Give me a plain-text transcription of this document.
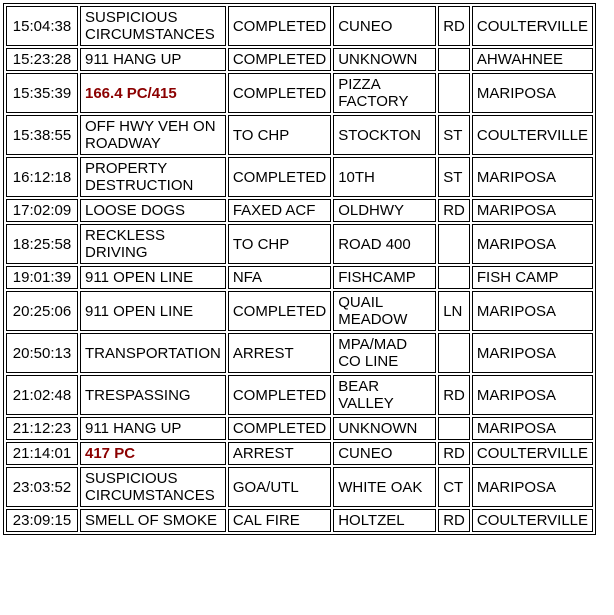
15:04:38	SUSPICIOUS CIRCUMSTANCES	COMPLETED	CUNEO	RD	COULTERVILLE
15:23:28	911 HANG UP	COMPLETED	UNKNOWN		AHWAHNEE
15:35:39	166.4 PC/415	COMPLETED	PIZZA FACTORY		MARIPOSA
15:38:55	OFF HWY VEH ON ROADWAY	TO CHP	STOCKTON	ST	COULTERVILLE
16:12:18	PROPERTY DESTRUCTION	COMPLETED	10TH	ST	MARIPOSA
17:02:09	LOOSE DOGS	FAXED ACF	OLDHWY	RD	MARIPOSA
18:25:58	RECKLESS DRIVING	TO CHP	ROAD 400		MARIPOSA
19:01:39	911 OPEN LINE	NFA	FISHCAMP		FISH CAMP
20:25:06	911 OPEN LINE	COMPLETED	QUAIL MEADOW	LN	MARIPOSA
20:50:13	TRANSPORTATION	ARREST	MPA/MAD CO LINE		MARIPOSA
21:02:48	TRESPASSING	COMPLETED	BEAR VALLEY	RD	MARIPOSA
21:12:23	911 HANG UP	COMPLETED	UNKNOWN		MARIPOSA
21:14:01	417 PC	ARREST	CUNEO	RD	COULTERVILLE
23:03:52	SUSPICIOUS CIRCUMSTANCES	GOA/UTL	WHITE OAK	CT	MARIPOSA
23:09:15	SMELL OF SMOKE	CAL FIRE	HOLTZEL	RD	COULTERVILLE
